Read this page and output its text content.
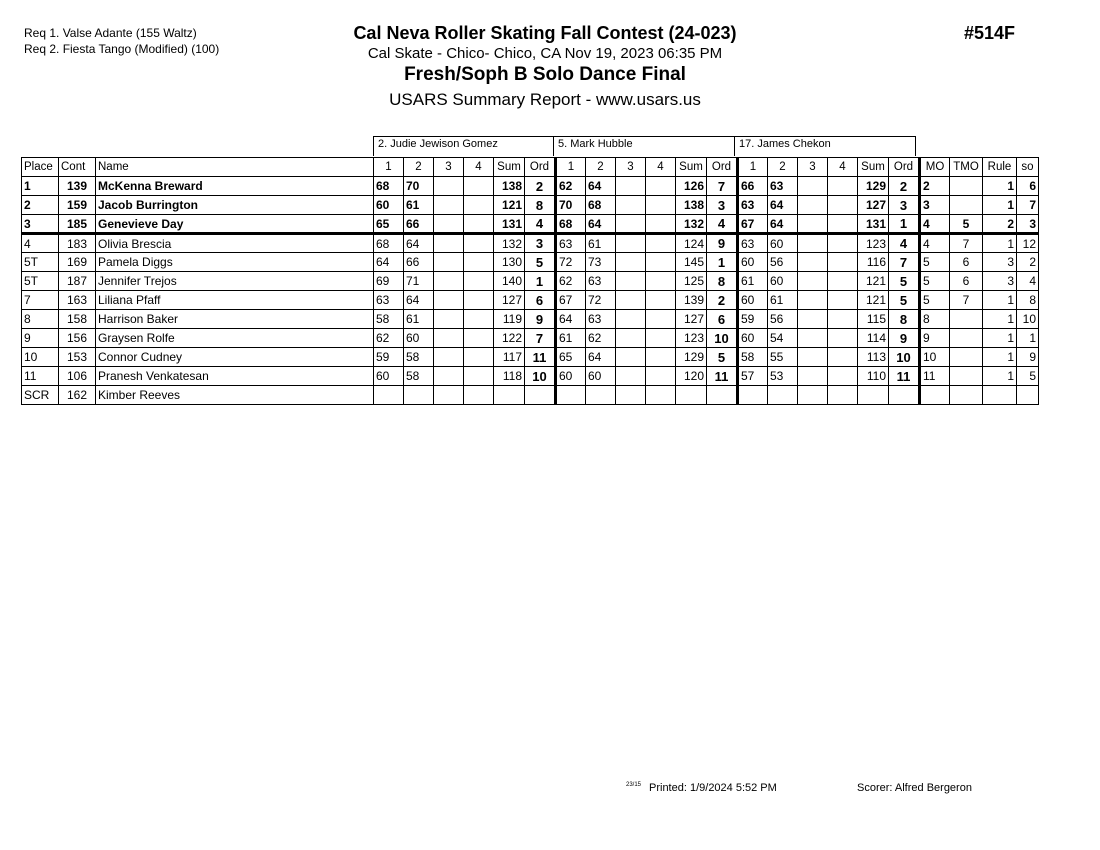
Req 1. Valse Adante (155 Waltz)
Req 2. Fiesta Tango (Modified) (100)
Cal Neva Roller Skating Fall Contest (24-023)
Cal Skate - Chico- Chico, CA Nov 19, 2023 06:35 PM
Fresh/Soph B Solo Dance Final
USARS Summary Report - www.usars.us
#514F
2. Judie Jewison Gomez	5. Mark Hubble	17. James Chekon
Place	Cont	Name	1	2	3	4	Sum	Ord	1	2	3	4	Sum	Ord	1	2	3	4	Sum	Ord	MO	TMO	Rule	so
1	139	McKenna Breward	68	70			138	2	62	64			126	7	66	63			129	2	2		1	6
2	159	Jacob Burrington	60	61			121	8	70	68			138	3	63	64			127	3	3		1	7
3	185	Genevieve Day	65	66			131	4	68	64			132	4	67	64			131	1	4	5	2	3
4	183	Olivia Brescia	68	64			132	3	63	61			124	9	63	60			123	4	4	7	1	12
5T	169	Pamela Diggs	64	66			130	5	72	73			145	1	60	56			116	7	5	6	3	2
5T	187	Jennifer Trejos	69	71			140	1	62	63			125	8	61	60			121	5	5	6	3	4
7	163	Liliana Pfaff	63	64			127	6	67	72			139	2	60	61			121	5	5	7	1	8
8	158	Harrison Baker	58	61			119	9	64	63			127	6	59	56			115	8	8		1	10
9	156	Graysen Rolfe	62	60			122	7	61	62			123	10	60	54			114	9	9		1	1
10	153	Connor Cudney	59	58			117	11	65	64			129	5	58	55			113	10	10		1	9
11	106	Pranesh Venkatesan	60	58			118	10	60	60			120	11	57	53			110	11	11		1	5
SCR	162	Kimber Reeves																						
23/15 Printed: 1/9/2024 5:52 PM	Scorer: Alfred Bergeron
